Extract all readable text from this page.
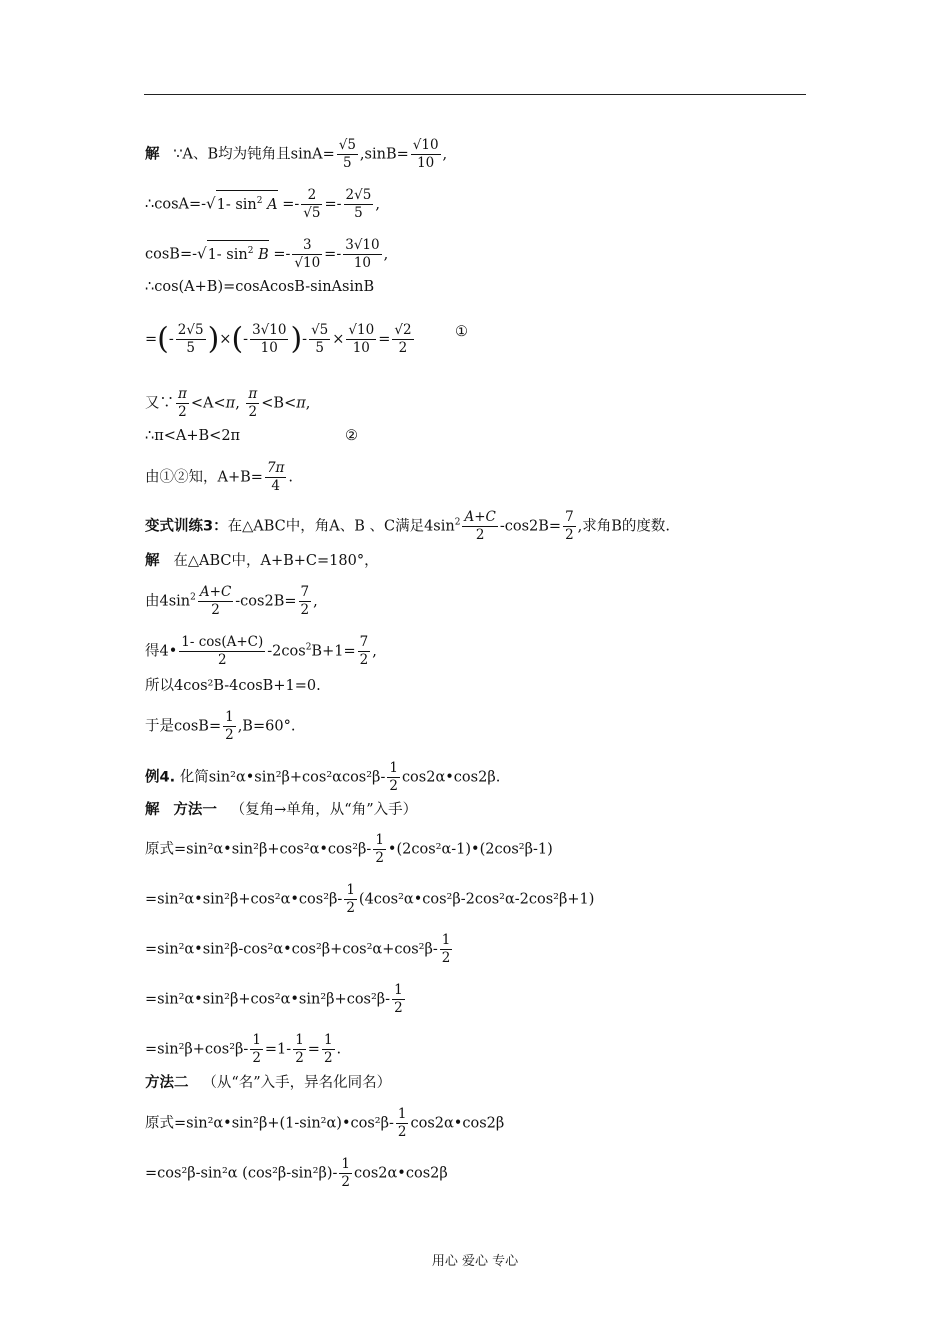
解 ∵A、B均为钝角且$\sin A= \frac{√5}{5} ,\sin B= \frac{√10}{10}$ ,
∴cosA=-√1- $\sin^2 A =- \frac{2}{√5} =- \frac{2√5}{5}$ ,
cosB=-√1- $\sin^2 B =- \frac{3}{√10} =- \frac{3√10}{10}$ ,
∴cos(A+B)=cosAcosB-sinAsinB
=(- $\frac{2√5}{5}$ )×(- $\frac{3√10}{10}$ )- $\frac{√5}{5} \times \frac{√10}{10} = \frac{√2}{2}$	①
又∵ $\frac{\pi}{2} <A<\pi$, $\frac{\pi}{2} <B<\pi$,
∴π<A+B<2π	②
由①②知，$A+B= \frac{7\pi}{4}$ .
变式训练3：在△ABC中，角A、B 、C满足$4\sin^2 \frac{A+C}{2} -\cos 2B= \frac{7}{2}$ ,求角B的度数.
解 在△ABC中，A+B+C=180°，
由$4\sin^2 \frac{A+C}{2} -\cos 2B= \frac{7}{2}$ ,
得4• $\frac{1- \cos(A+C)}{2} -2\cos^2B+1= \frac{7}{2}$ ,
所以4cos²B-4cosB+1=0.
于是$\cos B= \frac{1}{2} ,B=60^\circ$.
例4. 化简sin²α•sin²β+cos²αcos²β- $\frac{1}{2}$ cos2α•cos2β.
解 方法一 （复角→单角，从“角”入手）
原式=sin²α•sin²β+cos²α•cos²β- $\frac{1}{2}$ •(2cos²α-1)•(2cos²β-1)
=sin²α•sin²β+cos²α•cos²β- $\frac{1}{2}$ (4cos²α•cos²β-2cos²α-2cos²β+1)
=sin²α•sin²β-cos²α•cos²β+cos²α+cos²β- $\frac{1}{2}$
=sin²α•sin²β+cos²α•sin²β+cos²β- $\frac{1}{2}$
$=\sin^2\beta+\cos^2\beta- \frac{1}{2} =1- \frac{1}{2} = \frac{1}{2}$ .
方法二 （从“名”入手，异名化同名）
原式=sin²α•sin²β+(1-sin²α)•cos²β- $\frac{1}{2}$ cos2α•cos2β
=cos²β-sin²α $(\cos^2\beta-\sin^2\beta)- \frac{1}{2}$ cos2α•cos2β
用心 爱心 专心
